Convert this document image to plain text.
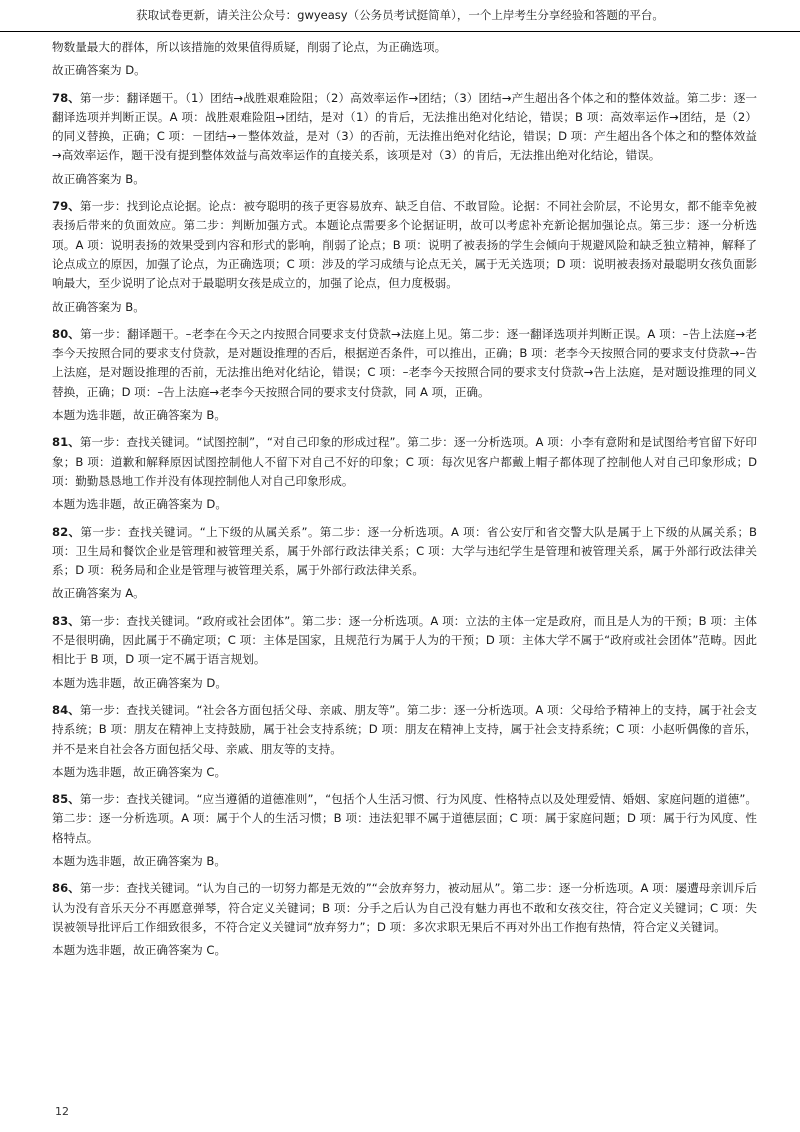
获取试卷更新，请关注公众号：gwyeasy（公务员考试挺简单），一个上岸考生分享经验和答题的平台。

物数量最大的群体，所以该措施的效果值得质疑，削弱了论点，为正确选项。

故正确答案为 D。

78、第一步：翻译题干。（1）团结→战胜艰难险阻；（2）高效率运作→团结；（3）团结→产生超出各个体之和的整体效益。第二步：逐一翻译选项并判断正误。A 项：战胜艰难险阻→团结，是对（1）的肯后，无法推出绝对化结论，错误；B 项：高效率运作→团结，是（2）的同义替换，正确；C 项：－团结→－整体效益，是对（3）的否前，无法推出绝对化结论，错误；D 项：产生超出各个体之和的整体效益→高效率运作，题干没有提到整体效益与高效率运作的直接关系，该项是对（3）的肯后，无法推出绝对化结论，错误。

故正确答案为 B。

79、第一步：找到论点论据。论点：被夸聪明的孩子更容易放弃、缺乏自信、不敢冒险。论据：不同社会阶层，不论男女，都不能幸免被表扬后带来的负面效应。第二步：判断加强方式。本题论点需要多个论据证明，故可以考虑补充新论据加强论点。第三步：逐一分析选项。A 项：说明表扬的效果受到内容和形式的影响，削弱了论点；B 项：说明了被表扬的学生会倾向于规避风险和缺乏独立精神，解释了论点成立的原因，加强了论点，为正确选项；C 项：涉及的学习成绩与论点无关，属于无关选项；D 项：说明被表扬对最聪明女孩负面影响最大，至少说明了论点对于最聪明女孩是成立的，加强了论点，但力度极弱。

故正确答案为 B。

80、第一步：翻译题干。–老李在今天之内按照合同要求支付贷款→法庭上见。第二步：逐一翻译选项并判断正误。A 项：–告上法庭→老李今天按照合同的要求支付贷款，是对题设推理的否后，根据逆否条件，可以推出，正确；B 项：老李今天按照合同的要求支付贷款→–告上法庭，是对题设推理的否前，无法推出绝对化结论，错误；C 项：–老李今天按照合同的要求支付贷款→告上法庭，是对题设推理的同义替换，正确；D 项：–告上法庭→老李今天按照合同的要求支付贷款，同 A 项，正确。

本题为选非题，故正确答案为 B。

81、第一步：查找关键词。“试图控制”，“对自己印象的形成过程”。第二步：逐一分析选项。A 项：小李有意附和是试图给考官留下好印象；B 项：道歉和解释原因试图控制他人不留下对自己不好的印象；C 项：每次见客户都戴上帽子都体现了控制他人对自己印象形成；D 项：勤勤恳恳地工作并没有体现控制他人对自己印象形成。

本题为选非题，故正确答案为 D。

82、第一步：查找关键词。“上下级的从属关系”。第二步：逐一分析选项。A 项：省公安厅和省交警大队是属于上下级的从属关系；B 项：卫生局和餐饮企业是管理和被管理关系，属于外部行政法律关系；C 项：大学与违纪学生是管理和被管理关系，属于外部行政法律关系；D 项：税务局和企业是管理与被管理关系，属于外部行政法律关系。

故正确答案为 A。

83、第一步：查找关键词。“政府或社会团体”。第二步：逐一分析选项。A 项：立法的主体一定是政府，而且是人为的干预；B 项：主体不是很明确，因此属于不确定项；C 项：主体是国家，且规范行为属于人为的干预；D 项：主体大学不属于“政府或社会团体”范畴。因此相比于 B 项，D 项一定不属于语言规划。

本题为选非题，故正确答案为 D。

84、第一步：查找关键词。“社会各方面包括父母、亲戚、朋友等”。第二步：逐一分析选项。A 项：父母给予精神上的支持，属于社会支持系统；B 项：朋友在精神上支持鼓励，属于社会支持系统；D 项：朋友在精神上支持，属于社会支持系统；C 项：小赵听偶像的音乐，并不是来自社会各方面包括父母、亲戚、朋友等的支持。

本题为选非题，故正确答案为 C。

85、第一步：查找关键词。“应当遵循的道德准则”，“包括个人生活习惯、行为风度、性格特点以及处理爱情、婚姻、家庭问题的道德”。第二步：逐一分析选项。A 项：属于个人的生活习惯；B 项：违法犯罪不属于道德层面；C 项：属于家庭问题；D 项：属于行为风度、性格特点。

本题为选非题，故正确答案为 B。

86、第一步：查找关键词。“认为自己的一切努力都是无效的”“会放弃努力，被动屈从”。第二步：逐一分析选项。A 项：屡遭母亲训斥后认为没有音乐天分不再愿意弹琴，符合定义关键词；B 项：分手之后认为自己没有魅力再也不敢和女孩交往，符合定义关键词；C 项：失误被领导批评后工作细致很多，不符合定义关键词“放弃努力”；D 项：多次求职无果后不再对外出工作抱有热情，符合定义关键词。

本题为选非题，故正确答案为 C。

12
